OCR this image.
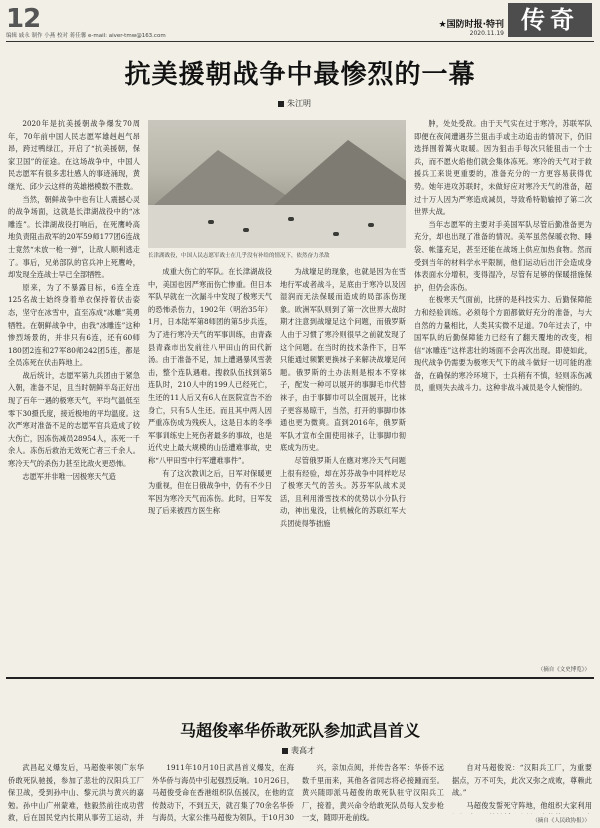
12
编辑 戚永 制作 小燕 校对 蒋佳馨 e-mail: aiver-tmw@163.com
★国防时报·特刊
2020.11.19 传奇
抗美援朝战争中最惨烈的一幕
朱江明

2020年是抗美援朝战争爆发70周年，70年前中国人民志愿军雄赳赳气昂昂，跨过鸭绿江，开启了“抗美援朝，保家卫国”的征途。在这场战争中，中国人民志愿军有很多悲壮感人的事迹涌现，黄继光、邱少云这样的英雄楷模数不胜数。

当然，朝鲜战争中也有让人震撼心灵的战争场面，这就是长津湖战役中的“冰雕连”。长津湖战役打响后，在死鹰岭高地负责阻击敌军的20军59师177团6连战士竟然“未放一枪一弹”，让敌人顺利逃走了。事后，兄弟部队的官兵冲上死鹰岭，却发现全连战士早已全部牺牲。

原来，为了不暴露目标，6连全连125名战士始终身着单衣保持着伏击姿态，坚守在冰雪中，直至冻成“冰雕”英勇牺牲。在朝鲜战争中，由我“冰雕连”这种惨烈场景的，并非只有6连，还有60师180团2连和27军80师242团5连，都是全员冻死在伏击阵地上。

战后统计，志愿军第九兵团由于紧急入朝，准备不足，且当时朝鲜半岛正好出现了百年一遇的极寒天气，平均气温低至零下30摄氏度，接近极地的平均温度。这次严寒对准备不足的志愿军官兵造成了较大伤亡，因冻伤减员28954人，冻死一千余人。冻伤后救治无效死亡者三千余人。寒冷天气的杀伤力甚至比敌火更恐怖。

志愿军并非唯一因极寒天气造

长津湖战役，中国人民志愿军战士在几乎没有补给的情况下，依然奋力杀敌

成重大伤亡的军队。在长津湖战役中，美国也因严寒而伤亡惨重。但日本军队早就在一次漏斗中发现了极寒天气的恐怖杀伤力，1902年（明治35年）1月，日本陆军第8师团的第5步兵连，为了进行寒冷天气的军事训练，由青森县青森市出发前往八甲田山的田代新汤。由于准备不足，加上遭遇暴风雪袭击，整个连队遇难。搜救队伍找到第5连队时，210人中的199人已经死亡，生还的11人后又有6人在医院宣告不治身亡，只有5人生还。而且其中两人因严重冻伤成为残疾人，这是日本的冬季军事训练史上死伤者最多的事故，也是近代史上最大规模的山岳遭难事故，史称“八甲田雪中行军遭难事件”。

有了这次教训之后，日军对保暖更为重视，但在日俄战争中，仍有不少日军因为寒冷天气而冻伤。此时，日军发现了后来被西方医生称

为战壕足的现象，也就是因为在雪地行军或者战斗，足底由于寒冷以及因湿润而无法保暖而造成的局部冻伤现象。欧洲军队则到了第一次世界大战时期才注意到战壕足这个问题，而俄罗斯人由于习惯了寒冷则很早之前就发现了这个问题。在当时的技术条件下，日军只能通过频繁更换袜子来解决战壕足问题。俄罗斯的土办法则是根本不穿袜子，配发一种可以展开的事脚毛巾代替袜子，由于事脚巾可以全面展开，比袜子更容易晾干，当然，打开的事脚巾体通也更为微爽。直到2016年，俄罗斯军队才宣布全面使用袜子，让事脚巾彻底成为历史。

尽管俄罗斯人在應对寒冷天气问题上很有经验，却在苏芬战争中同样吃尽了极寒天气的苦头。苏芬军队战术灵活，且利用滑雪技术的优势以小分队行动，神出鬼没，让机械化的苏联红军大兵团徒得筝拙施

肿，处处受敌。由于天气实在过于寒冷，苏联军队即便在夜间遭遇芬兰狙击手或主动追击的情况下，仍旧选择围着篝火取暖。因为狙击手每次只能狙击一个士兵，而不愿火焰他们就会集体冻死。寒冷的天气对于救援兵工来说更重要的，准备充分的一方更容易获得优势。她年进攻苏联时，未做好应对寒冷天气的准备，超过十万人因为严寒造成减员，导致希特勒输掉了第二次世界大战。

当年志愿军的主要对手美国军队尽管后勤准备更为充分，却也出现了准备的情况。美军虽然保暖衣物、睡袋、帐篷充足，甚至还能在战场上供应加热食物。然而受到当年的材料学水平限制，他们运动后出汗会造成身体表面水分增积，变得湿冷，尽管有足够的保暖措施保护，但仍会冻伤。

在极寒天气面前，比拼的是科技实力、后勤保障能力和经验训练。必须每个方面都做好充分的准备，与大自然的力量相比，人类其实微不足道。70年过去了，中国军队的后勤保障能力已经有了翻天覆地的改变，相信“冰雕连”这样悲壮的场面不会再次出现。即使如此，现代战争仍需要为极寒天气下的战斗做好一切可能的准备，在确保的寒冷环境下，士兵稍有不慎，轻则冻伤减员，重则失去战斗力。这种非战斗减员是令人惋惜的。

（摘自《文史博览》）
马超俊率华侨敢死队参加武昌首义
裴高才

武昌起义爆发后，马超俊率领广东华侨敢死队驰援，参加了悲壮的汉阳兵工厂保卫战，受到孙中山、黎元洪与黄兴的嘉勉。孙中山广州蒙难，他毅然前往成功营救，后在国民党内长期从事劳工运动，并

1911年10月10日武昌首义爆发，在海外华侨与海员中引起强烈反响。10月26日，马超俊受命在香港组织队伍援汉，在他的宣传鼓动下，不到五天，就召集了70余名华侨与海员，大家公推马超俊为领队，于10月30

兴，亲加点阅，并传告各军：华侨不远数千里而来，其他各省同志将必接踵而至。黄兴随即派马超俊的敢死队驻守汉阳兵工厂，接着，黄兴命令给敢死队员每人发步枪一支，随即开赴前线。

自对马超俊说：“汉阳兵工厂，为重要据点，万不可失，此次又弥之成败，尊赖此战。”

马超俊发誓死守阵地，他组织大家利用

（摘自《人民政协报》）
